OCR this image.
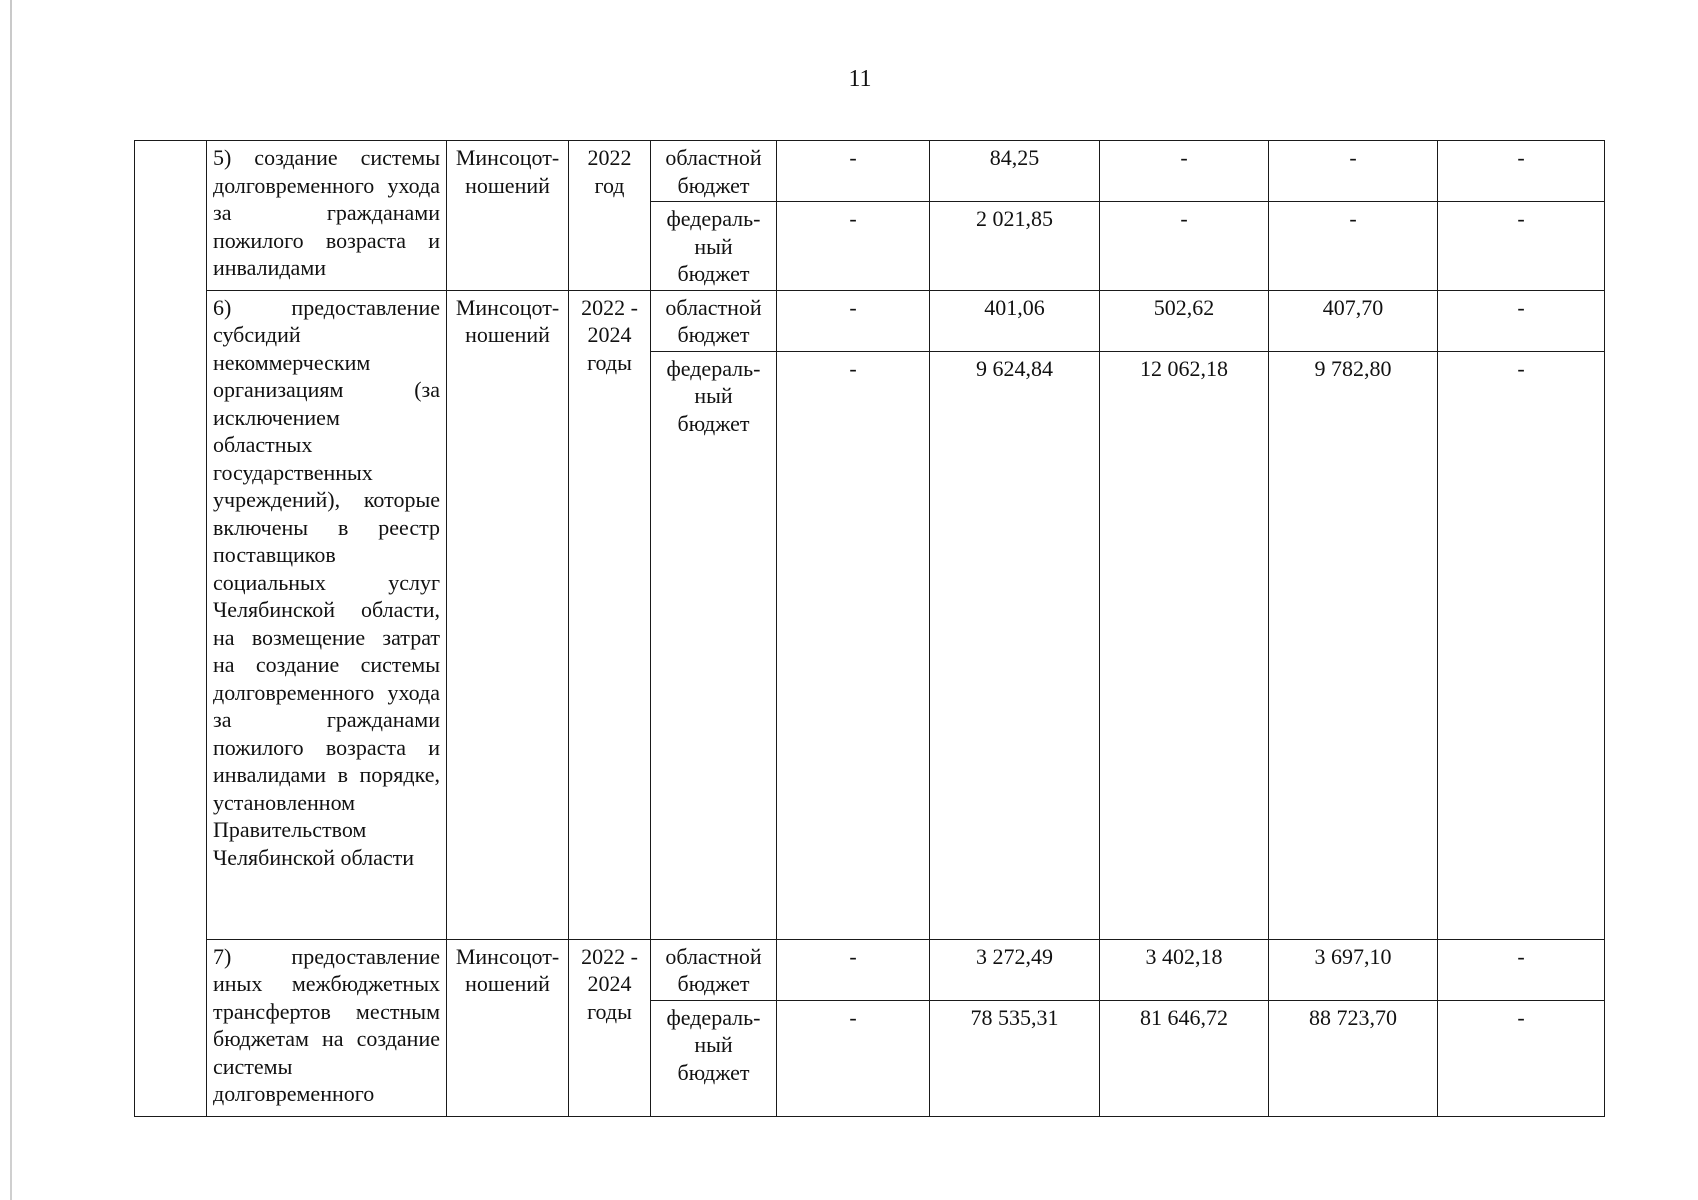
11
	5) создание системы долговременного ухода за гражданами пожилого возраста и инвалидами	Минсоцот-ношений	2022 год	областной бюджет	-	84,25	-	-	-
				федераль-ный бюджет	-	2 021,85	-	-	-
	6) предоставление субсидий некоммерческим организациям (за исключением областных государственных учреждений), которые включены в реестр поставщиков социальных услуг Челябинской области, на возмещение затрат на создание системы долговременного ухода за гражданами пожилого возраста и инвалидами в порядке, установленном Правительством Челябинской области	Минсоцот-ношений	2022 - 2024 годы	областной бюджет	-	401,06	502,62	407,70	-
				федераль-ный бюджет	-	9 624,84	12 062,18	9 782,80	-
	7) предоставление иных межбюджетных трансфертов местным бюджетам на создание системы долговременного	Минсоцот-ношений	2022 - 2024 годы	областной бюджет	-	3 272,49	3 402,18	3 697,10	-
				федераль-ный бюджет	-	78 535,31	81 646,72	88 723,70	-
